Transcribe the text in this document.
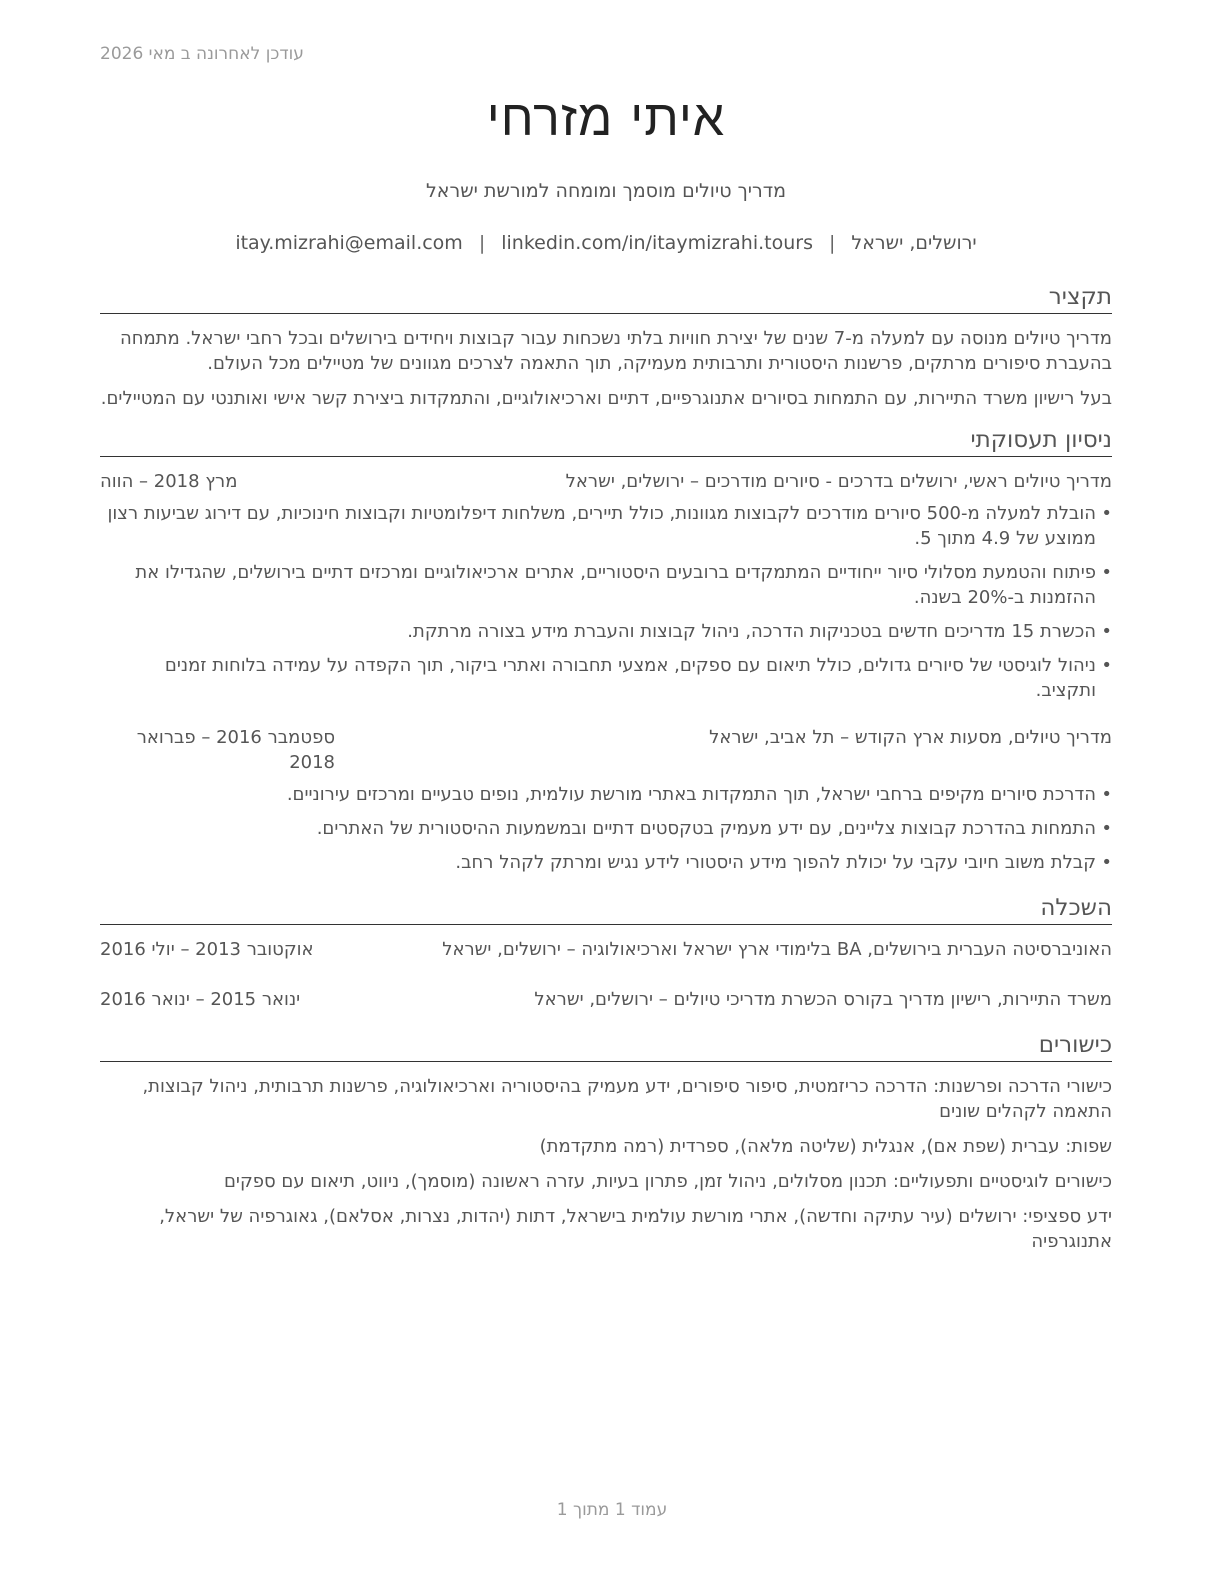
עודכן לאחרונה ב מאי 2026
איתי מזרחי
מדריך טיולים מוסמך ומומחה למורשת ישראל
ירושלים, ישראל|itay.mizrahi@email.com | linkedin.com/in/itaymizrahi.tours
תקציר

מדריך טיולים מנוסה עם למעלה מ-7 שנים של יצירת חוויות בלתי נשכחות עבור קבוצות ויחידים בירושלים ובכל רחבי ישראל. מתמחה בהעברת סיפורים מרתקים, פרשנות היסטורית ותרבותית מעמיקה, תוך התאמה לצרכים מגוונים של מטיילים מכל העולם.

בעל רישיון משרד התיירות, עם התמחות בסיורים אתנוגרפיים, דתיים וארכיאולוגיים, והתמקדות ביצירת קשר אישי ואותנטי עם המטיילים.

ניסיון תעסוקתי
מדריך טיולים ראשי, ירושלים בדרכים - סיורים מודרכים – ירושלים, ישראל
מרץ 2018 – הווה
• הובלת למעלה מ-500 סיורים מודרכים לקבוצות מגוונות, כולל תיירים, משלחות דיפלומטיות וקבוצות חינוכיות, עם דירוג שביעות רצון ממוצע של 4.9 מתוך 5.
• פיתוח והטמעת מסלולי סיור ייחודיים המתמקדים ברובעים היסטוריים, אתרים ארכיאולוגיים ומרכזים דתיים בירושלים, שהגדילו את ההזמנות ב-20% בשנה.
• הכשרת 15 מדריכים חדשים בטכניקות הדרכה, ניהול קבוצות והעברת מידע בצורה מרתקת.
• ניהול לוגיסטי של סיורים גדולים, כולל תיאום עם ספקים, אמצעי תחבורה ואתרי ביקור, תוך הקפדה על עמידה בלוחות זמנים ותקציב.
מדריך טיולים, מסעות ארץ הקודש – תל אביב, ישראל
ספטמבר 2016 – פברואר 2018
• הדרכת סיורים מקיפים ברחבי ישראל, תוך התמקדות באתרי מורשת עולמית, נופים טבעיים ומרכזים עירוניים.
• התמחות בהדרכת קבוצות צליינים, עם ידע מעמיק בטקסטים דתיים ובמשמעות ההיסטורית של האתרים.
• קבלת משוב חיובי עקבי על יכולת להפוך מידע היסטורי לידע נגיש ומרתק לקהל רחב.
השכלה
האוניברסיטה העברית בירושלים, BA בלימודי ארץ ישראל וארכיאולוגיה – ירושלים, ישראל
אוקטובר 2013 – יולי 2016
משרד התיירות, רישיון מדריך בקורס הכשרת מדריכי טיולים – ירושלים, ישראל
ינואר 2015 – ינואר 2016
כישורים
כישורי הדרכה ופרשנות: הדרכה כריזמטית, סיפור סיפורים, ידע מעמיק בהיסטוריה וארכיאולוגיה, פרשנות תרבותית, ניהול קבוצות, התאמה לקהלים שונים
שפות: עברית (שפת אם), אנגלית (שליטה מלאה), ספרדית (רמה מתקדמת)
כישורים לוגיסטיים ותפעוליים: תכנון מסלולים, ניהול זמן, פתרון בעיות, עזרה ראשונה (מוסמך), ניווט, תיאום עם ספקים
ידע ספציפי: ירושלים (עיר עתיקה וחדשה), אתרי מורשת עולמית בישראל, דתות (יהדות, נצרות, אסלאם), גאוגרפיה של ישראל, אתנוגרפיה
עמוד 1 מתוך 1
